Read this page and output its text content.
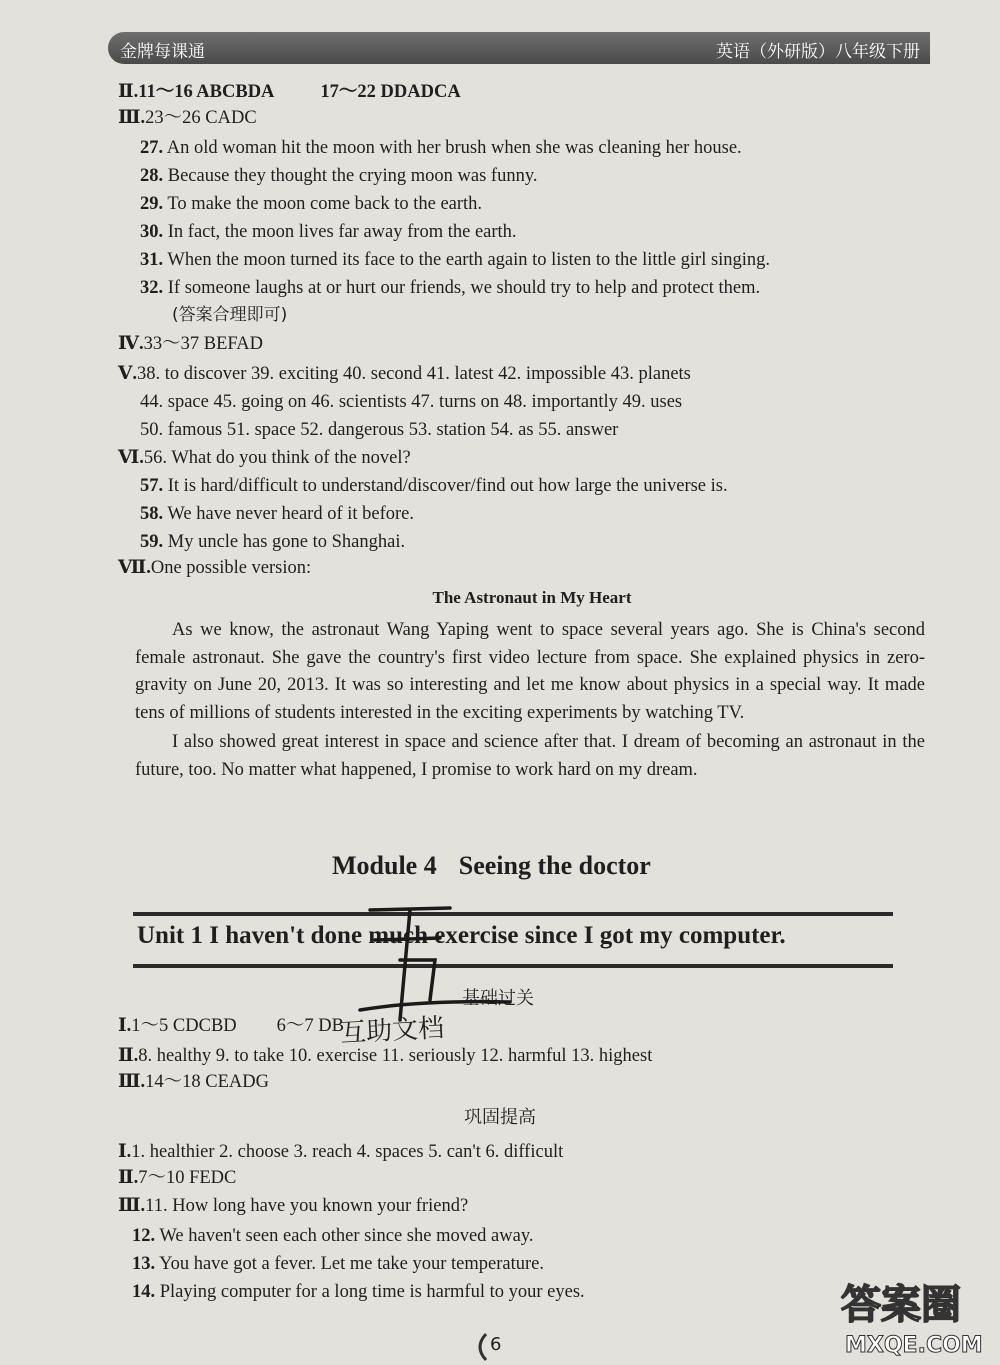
金牌每课通	英语（外研版）八年级下册
Ⅱ.11～16 ABCBDA 17～22 DDADCA
Ⅲ.23～26 CADC
27. An old woman hit the moon with her brush when she was cleaning her house.
28. Because they thought the crying moon was funny.
29. To make the moon come back to the earth.
30. In fact, the moon lives far away from the earth.
31. When the moon turned its face to the earth again to listen to the little girl singing.
32. If someone laughs at or hurt our friends, we should try to help and protect them.
(答案合理即可)
Ⅳ.33～37 BEFAD
Ⅴ.38. to discover 39. exciting 40. second 41. latest 42. impossible 43. planets
44. space 45. going on 46. scientists 47. turns on 48. importantly 49. uses
50. famous 51. space 52. dangerous 53. station 54. as 55. answer
Ⅵ.56. What do you think of the novel?
57. It is hard/difficult to understand/discover/find out how large the universe is.
58. We have never heard of it before.
59. My uncle has gone to Shanghai.
Ⅶ.One possible version:
The Astronaut in My Heart

As we know, the astronaut Wang Yaping went to space several years ago. She is China's second female astronaut. She gave the country's first video lecture from space. She explained physics in zero-gravity on June 20, 2013. It was so interesting and let me know about physics in a special way. It made tens of millions of students interested in the exciting experiments by watching TV.

I also showed great interest in space and science after that. I dream of becoming an astronaut in the future, too. No matter what happened, I promise to work hard on my dream.

Module 4 Seeing the doctor
Unit 1 I haven't done much exercise since I got my computer.
基础过关
互助文档
Ⅰ.1～5 CDCBD 6～7 DB
Ⅱ.8. healthy 9. to take 10. exercise 11. seriously 12. harmful 13. highest
Ⅲ.14～18 CEADG
巩固提高
Ⅰ.1. healthier 2. choose 3. reach 4. spaces 5. can't 6. difficult
Ⅱ.7～10 FEDC
Ⅲ.11. How long have you known your friend?
12. We haven't seen each other since she moved away.
13. You have got a fever. Let me take your temperature.
14. Playing computer for a long time is harmful to your eyes.
6
答案圈
MXQE.COM
